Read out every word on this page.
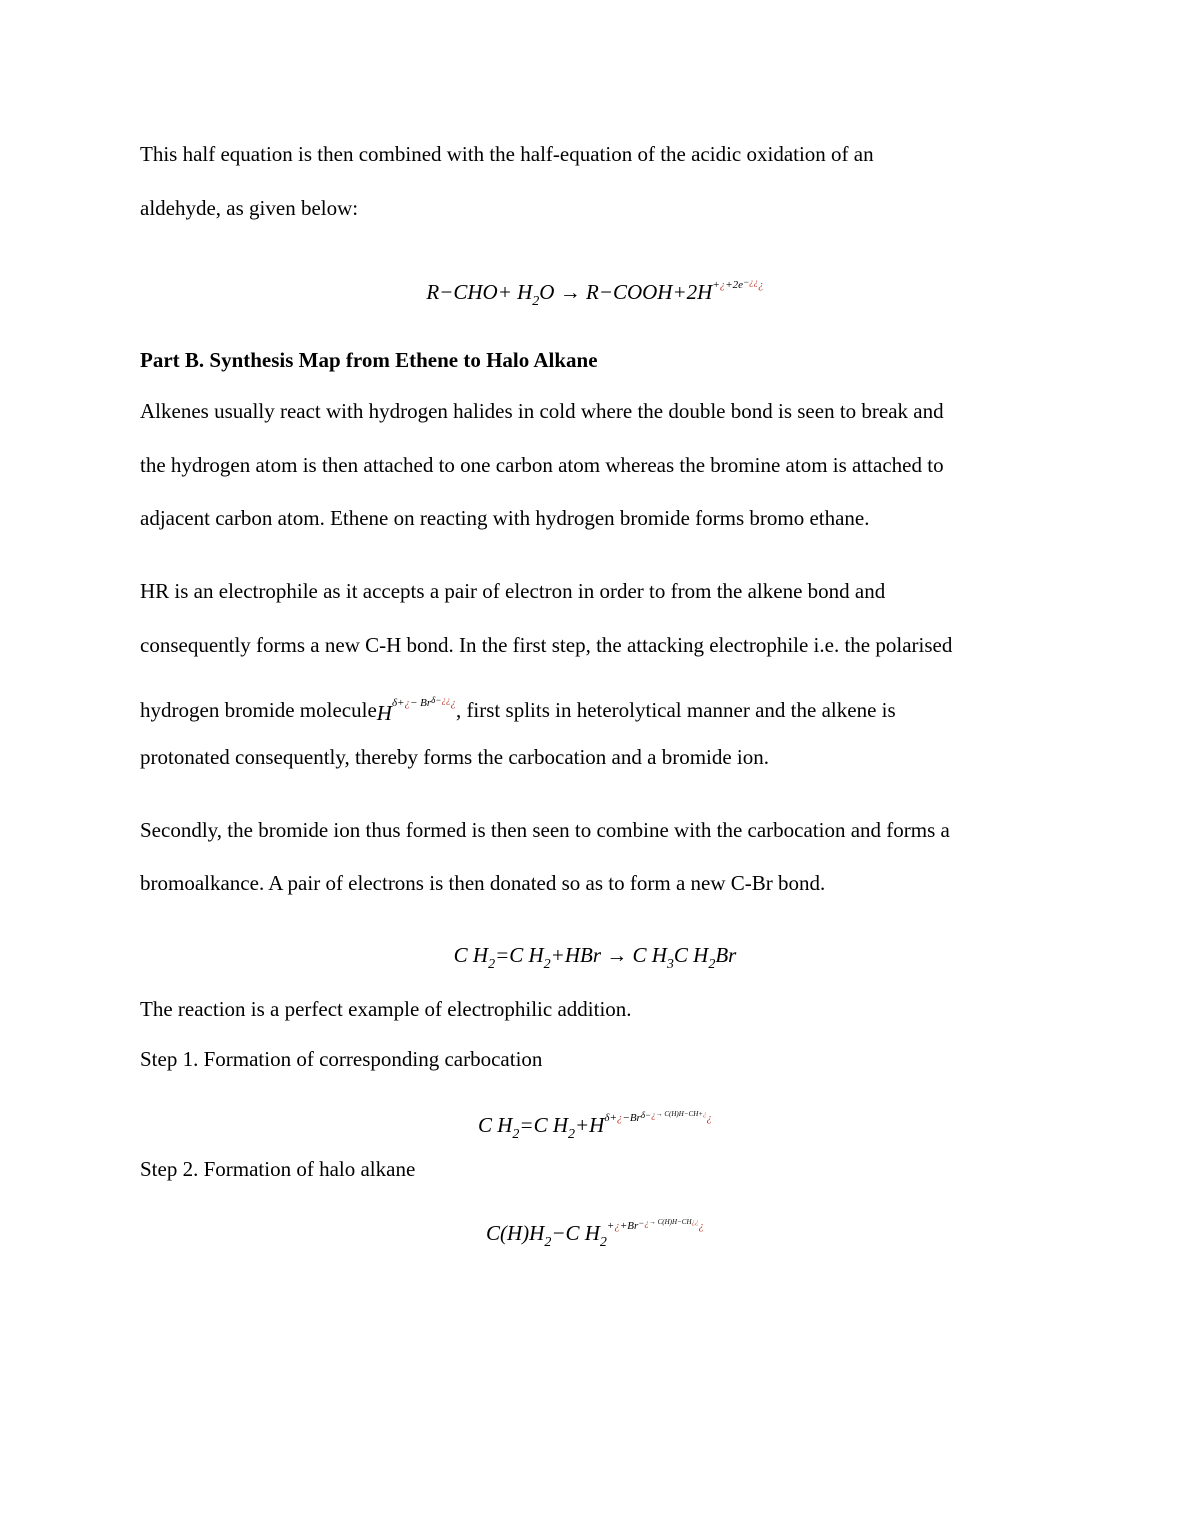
This half equation is then combined with the half-equation of the acidic oxidation of an
aldehyde, as given below:
$R-CHO+ H_2O$ → $R-COOH+2H^{+¿+2e-¿¿¿}$
Part B. Synthesis Map from Ethene to Halo Alkane
Alkenes usually react with hydrogen halides in cold where the double bond is seen to break and
the hydrogen atom is then attached to one carbon atom whereas the bromine atom is attached to
adjacent carbon atom. Ethene on reacting with hydrogen bromide forms bromo ethane.
HR is an electrophile as it accepts a pair of electron in order to from the alkene bond and
consequently forms a new C-H bond. In the first step, the attacking electrophile i.e. the polarised
hydrogen bromide moleculeH$^{\delta+¿- Br\delta-¿¿¿}$, first splits in heterolytical manner and the alkene is
protonated consequently, thereby forms the carbocation and a bromide ion.
Secondly, the bromide ion thus formed is then seen to combine with the carbocation and forms a
bromoalkance. A pair of electrons is then donated so as to form a new C-Br bond.
C $H_2=C$ $H_2+HBr \to C$ $H_3C$ $H_2Br$
The reaction is a perfect example of electrophilic addition.
Step 1. Formation of corresponding carbocation
C $H_2=C$ $H_2+H^{\delta+¿-Br\delta-¿\to C(H)H-CH+¿¿}$
Step 2. Formation of halo alkane
$C(H)H_2-C$ $H_2^{+¿+Br-¿\to C(H)H-CH¿¿¿}$
